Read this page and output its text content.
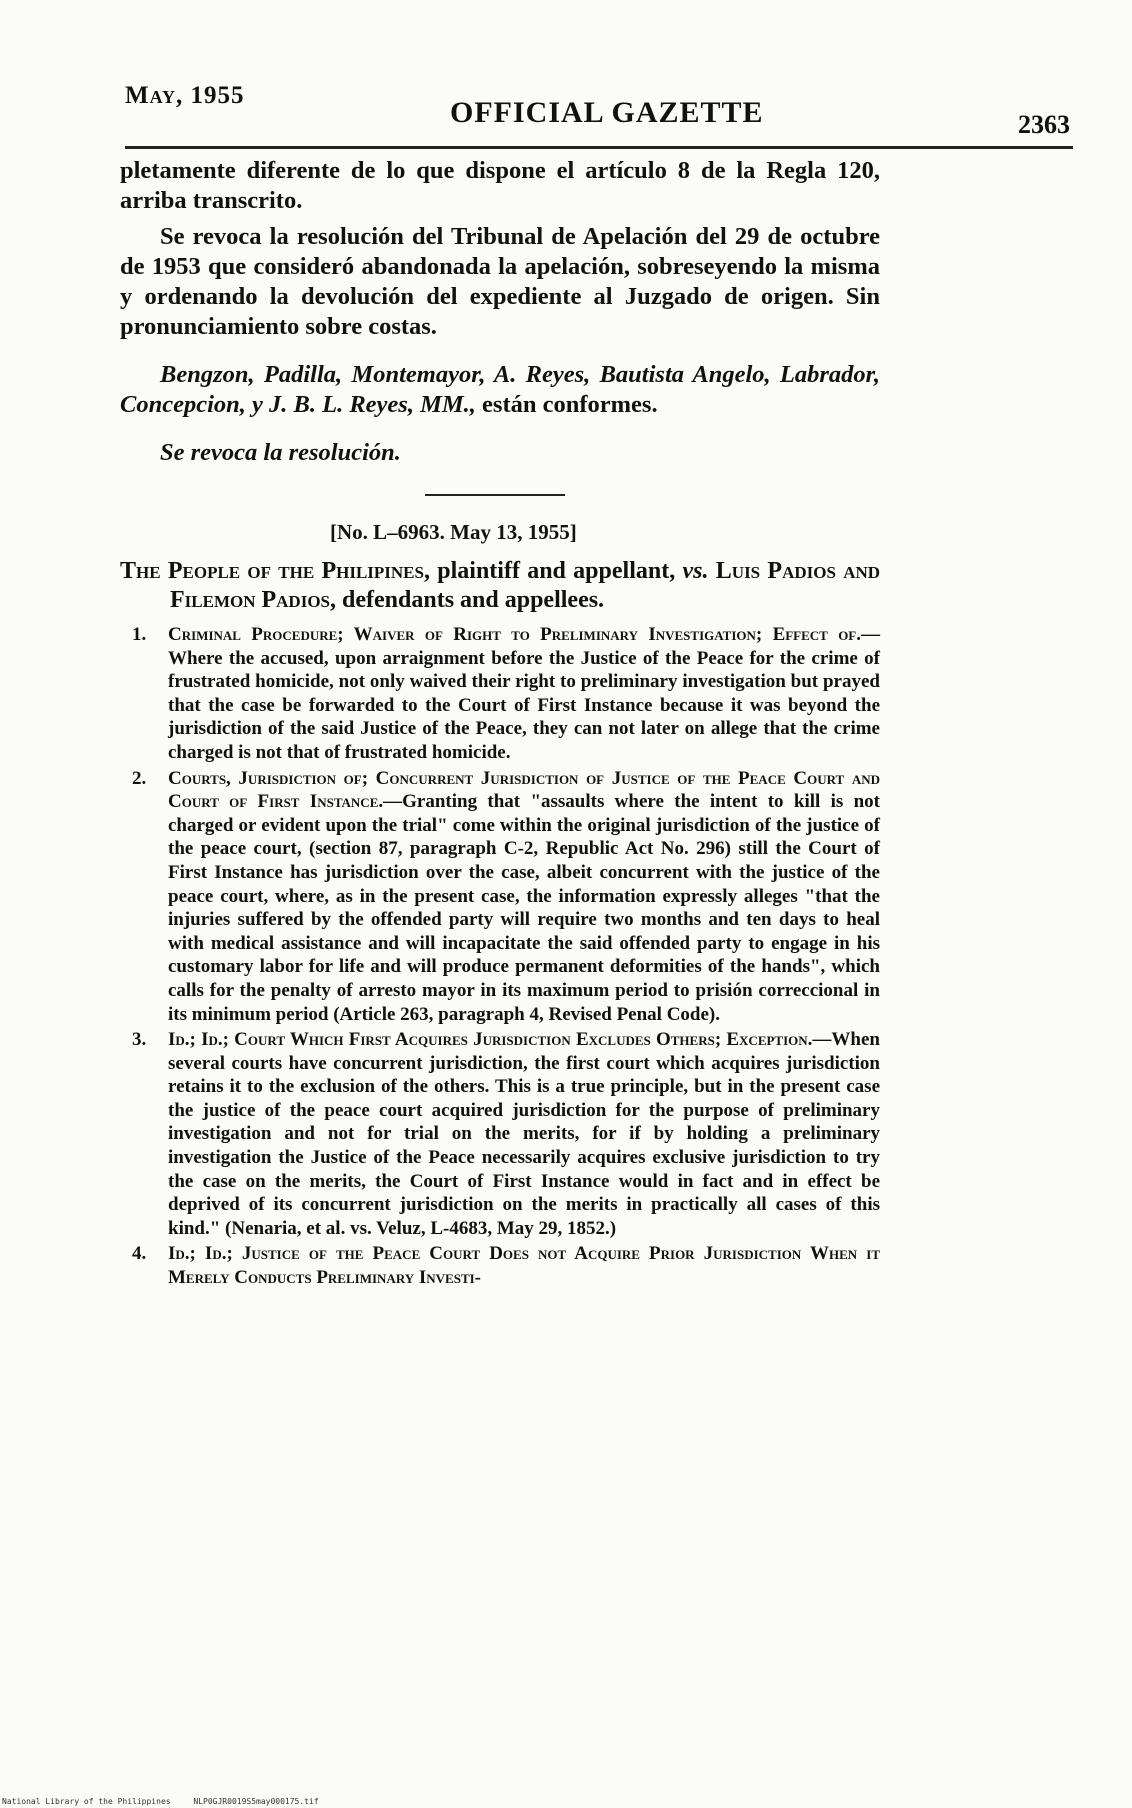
May, 1955
OFFICIAL GAZETTE	2363

pletamente diferente de lo que dispone el artículo 8 de la Regla 120, arriba transcrito.

Se revoca la resolución del Tribunal de Apelación del 29 de octubre de 1953 que consideró abandonada la apelación, sobreseyendo la misma y ordenando la devolución del expediente al Juzgado de origen. Sin pronunciamiento sobre costas.

Bengzon, Padilla, Montemayor, A. Reyes, Bautista Angelo, Labrador, Concepcion, y J. B. L. Reyes, MM., están conformes.

Se revoca la resolución.

[No. L–6963. May 13, 1955]

The People of the Philipines, plaintiff and appellant, vs. Luis Padios and Filemon Padios, defendants and appellees.

1. Criminal Procedure; Waiver of Right to Preliminary Investigation; Effect of.—Where the accused, upon arraignment before the Justice of the Peace for the crime of frustrated homicide, not only waived their right to preliminary investigation but prayed that the case be forwarded to the Court of First Instance because it was beyond the jurisdiction of the said Justice of the Peace, they can not later on allege that the crime charged is not that of frustrated homicide.

2. Courts, Jurisdiction of; Concurrent Jurisdiction of Justice of the Peace Court and Court of First Instance.—Granting that "assaults where the intent to kill is not charged or evident upon the trial" come within the original jurisdiction of the justice of the peace court, (section 87, paragraph C-2, Republic Act No. 296) still the Court of First Instance has jurisdiction over the case, albeit concurrent with the justice of the peace court, where, as in the present case, the information expressly alleges "that the injuries suffered by the offended party will require two months and ten days to heal with medical assistance and will incapacitate the said offended party to engage in his customary labor for life and will produce permanent deformities of the hands", which calls for the penalty of arresto mayor in its maximum period to prisión correccional in its minimum period (Article 263, paragraph 4, Revised Penal Code).

3. Id.; Id.; Court Which First Acquires Jurisdiction Excludes Others; Exception.—When several courts have concurrent jurisdiction, the first court which acquires jurisdiction retains it to the exclusion of the others. This is a true principle, but in the present case the justice of the peace court acquired jurisdiction for the purpose of preliminary investigation and not for trial on the merits, for if by holding a preliminary investigation the Justice of the Peace necessarily acquires exclusive jurisdiction to try the case on the merits, the Court of First Instance would in fact and in effect be deprived of its concurrent jurisdiction on the merits in practically all cases of this kind." (Nenaria, et al. vs. Veluz, L-4683, May 29, 1852.)

4. Id.; Id.; Justice of the Peace Court Does not Acquire Prior Jurisdiction When it Merely Conducts Preliminary Investi-

National Library of the Philippines	NLP0GJR0019S5may000175.tif
